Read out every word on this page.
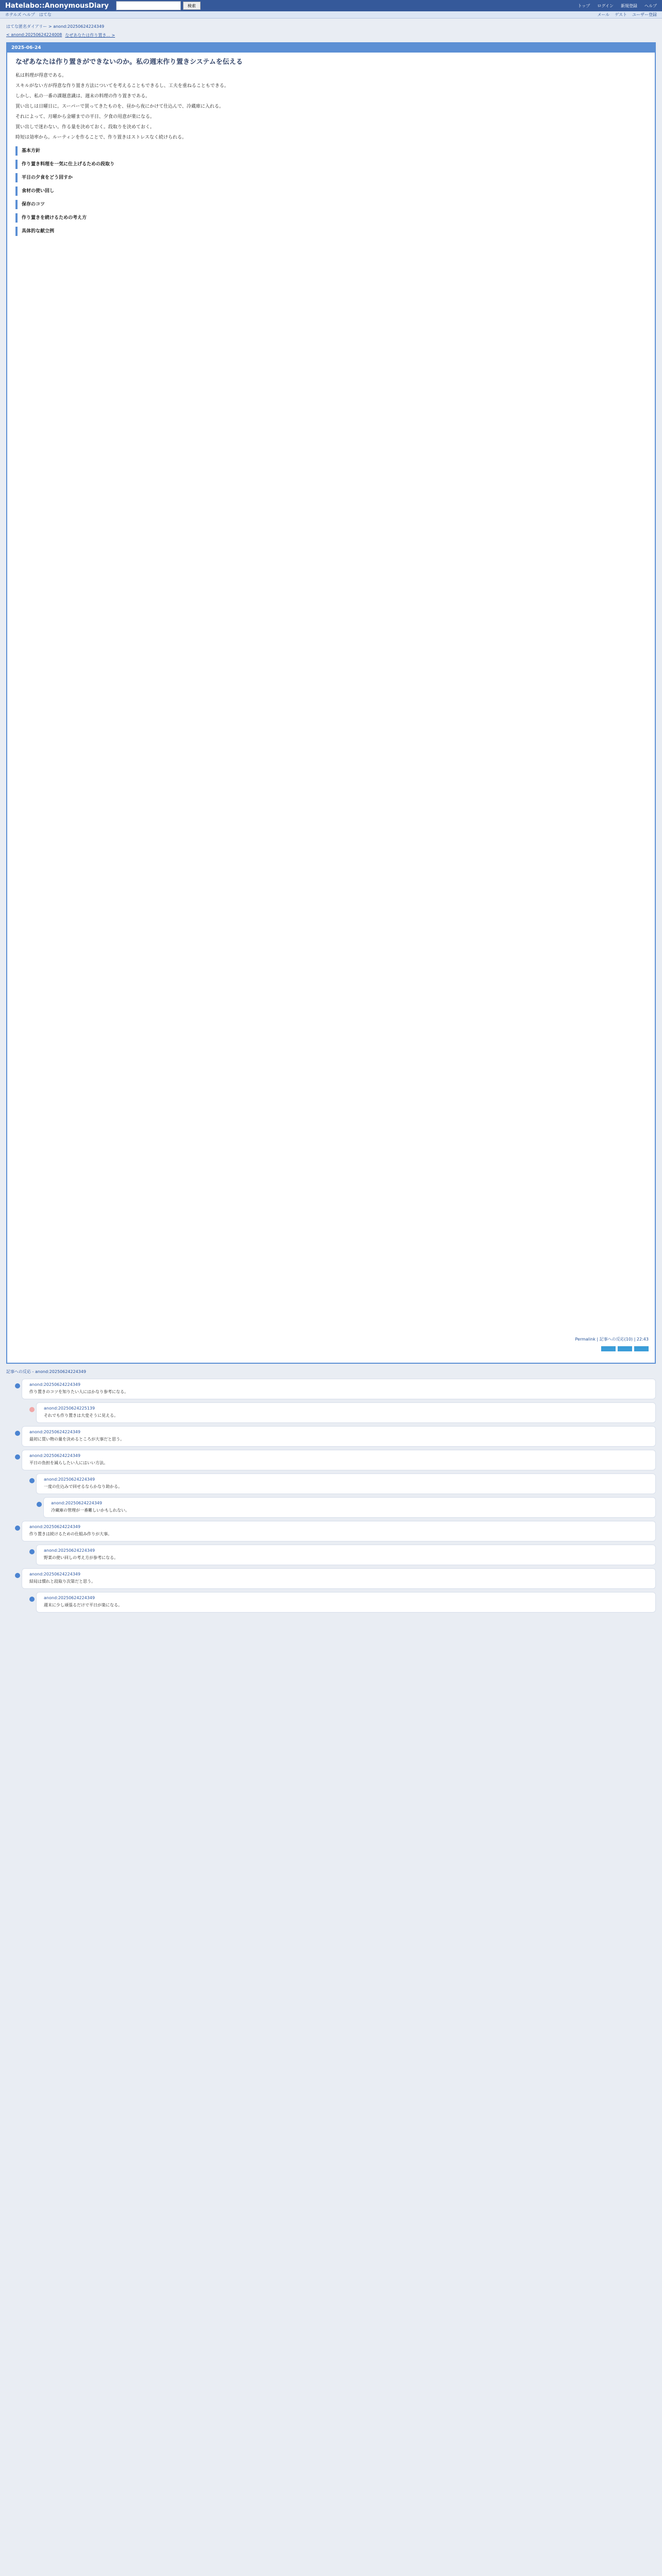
Hatelabo::AnonymousDiary	検索	トップ ログイン 新規登録 ヘルプ
ホテルズ ヘルプ　はてな	メール ゲスト ユーザー登録
はてな匿名ダイアリー > anond:20250624224349
< anond:20250624224008 なぜあなたは作り置き... >
2025-06-24
なぜあなたは作り置きができないのか。私の週末作り置きシステムを伝える
私は料理が得意である。
スキルがない方が得意な作り置き方法についてを考えることもできるし、工夫を重ねることもできる。
しかし、私の一番の課題意識は、週末の料理の作り置きである。
買い出しは日曜日に。スーパーで買ってきたものを、昼から夜にかけて仕込んで、冷蔵庫に入れる。
それによって、月曜から金曜までの平日、夕食の用意が楽になる。
買い出しで迷わない。作る量を決めておく。段取りを決めておく。
時短は効率から。ルーティンを作ることで、作り置きはストレスなく続けられる。
基本方針
作り置き料理を一気に仕上げるための段取り
平日の夕食をどう回すか
食材の使い回し
保存のコツ
作り置きを続けるための考え方
具体的な献立例
Permalink | 記事への反応(10) | 22:43
記事への反応 - anond:20250624224349
anond:20250624224349
作り置きのコツを知りたい人にはかなり参考になる。
anond:20250624225139
それでも作り置きは大変そうに見える。
anond:20250624224349
最初に買い物の量を決めるところが大事だと思う。
anond:20250624224349
平日の負担を減らしたい人にはいい方法。
anond:20250624224349
一度の仕込みで回せるならかなり助かる。
anond:20250624224349
冷蔵庫の管理が一番難しいかもしれない。
anond:20250624224349
作り置きは続けるための仕組み作りが大事。
anond:20250624224349
野菜の使い回しの考え方が参考になる。
anond:20250624224349
結局は慣れと段取り次第だと思う。
anond:20250624224349
週末に少し頑張るだけで平日が楽になる。
